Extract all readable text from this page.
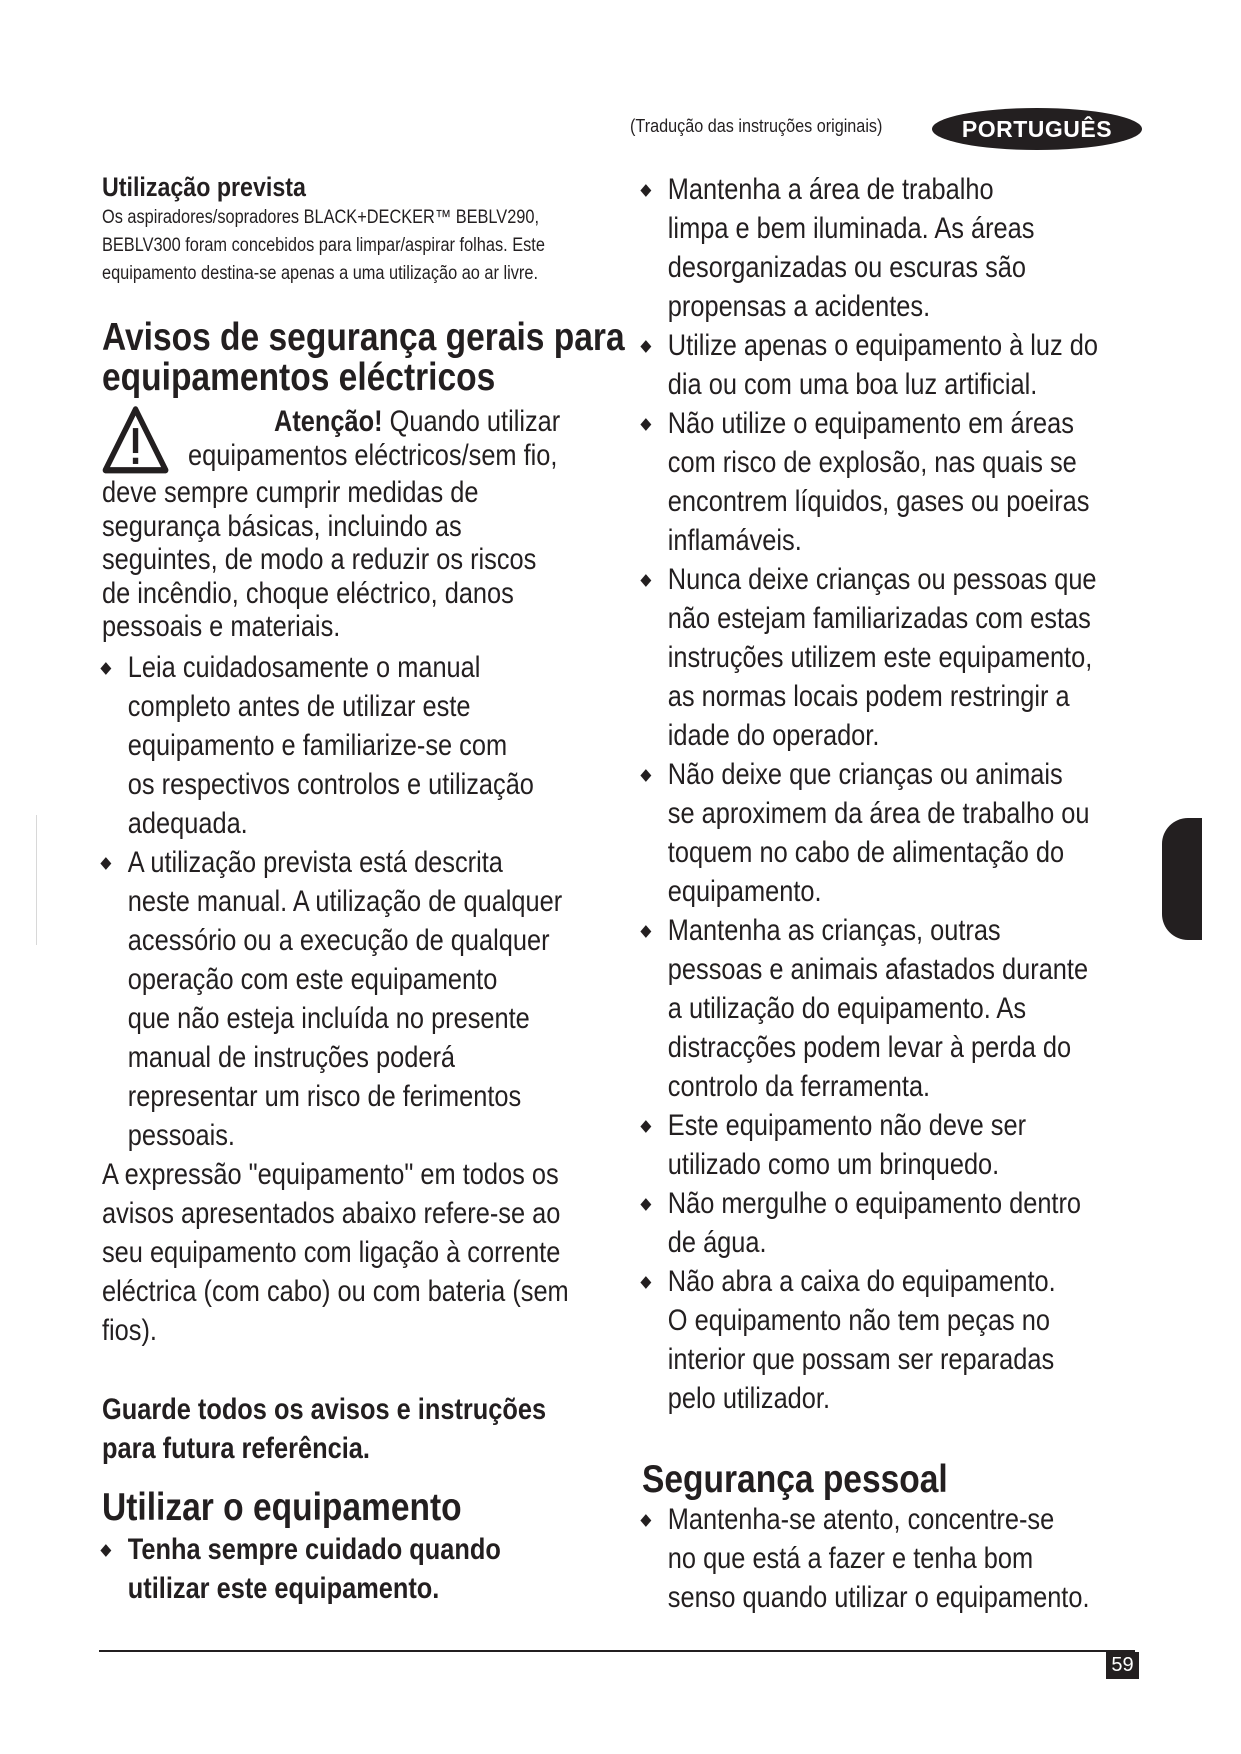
(Tradução das instruções originais)	PORTUGUÊS
Utilização prevista
Os aspiradores/sopradores BLACK+DECKER™ BEBLV290,
BEBLV300 foram concebidos para limpar/aspirar folhas. Este
equipamento destina-se apenas a uma utilização ao ar livre.
Avisos de segurança gerais para
equipamentos eléctricos
Atenção! Quando utilizar
equipamentos eléctricos/sem fio,
deve sempre cumprir medidas de
segurança básicas, incluindo as
seguintes, de modo a reduzir os riscos
de incêndio, choque eléctrico, danos
pessoais e materiais.
Leia cuidadosamente o manual
completo antes de utilizar este
equipamento e familiarize-se com
os respectivos controlos e utilização
adequada.
A utilização prevista está descrita
neste manual. A utilização de qualquer
acessório ou a execução de qualquer
operação com este equipamento
que não esteja incluída no presente
manual de instruções poderá
representar um risco de ferimentos
pessoais.
A expressão "equipamento" em todos os
avisos apresentados abaixo refere-se ao
seu equipamento com ligação à corrente
eléctrica (com cabo) ou com bateria (sem
fios).
Guarde todos os avisos e instruções
para futura referência.
Utilizar o equipamento
Tenha sempre cuidado quando
utilizar este equipamento.
Mantenha a área de trabalho
limpa e bem iluminada. As áreas
desorganizadas ou escuras são
propensas a acidentes.
Utilize apenas o equipamento à luz do
dia ou com uma boa luz artificial.
Não utilize o equipamento em áreas
com risco de explosão, nas quais se
encontrem líquidos, gases ou poeiras
inflamáveis.
Nunca deixe crianças ou pessoas que
não estejam familiarizadas com estas
instruções utilizem este equipamento,
as normas locais podem restringir a
idade do operador.
Não deixe que crianças ou animais
se aproximem da área de trabalho ou
toquem no cabo de alimentação do
equipamento.
Mantenha as crianças, outras
pessoas e animais afastados durante
a utilização do equipamento. As
distracções podem levar à perda do
controlo da ferramenta.
Este equipamento não deve ser
utilizado como um brinquedo.
Não mergulhe o equipamento dentro
de água.
Não abra a caixa do equipamento.
O equipamento não tem peças no
interior que possam ser reparadas
pelo utilizador.
Segurança pessoal
Mantenha-se atento, concentre-se
no que está a fazer e tenha bom
senso quando utilizar o equipamento.
59
